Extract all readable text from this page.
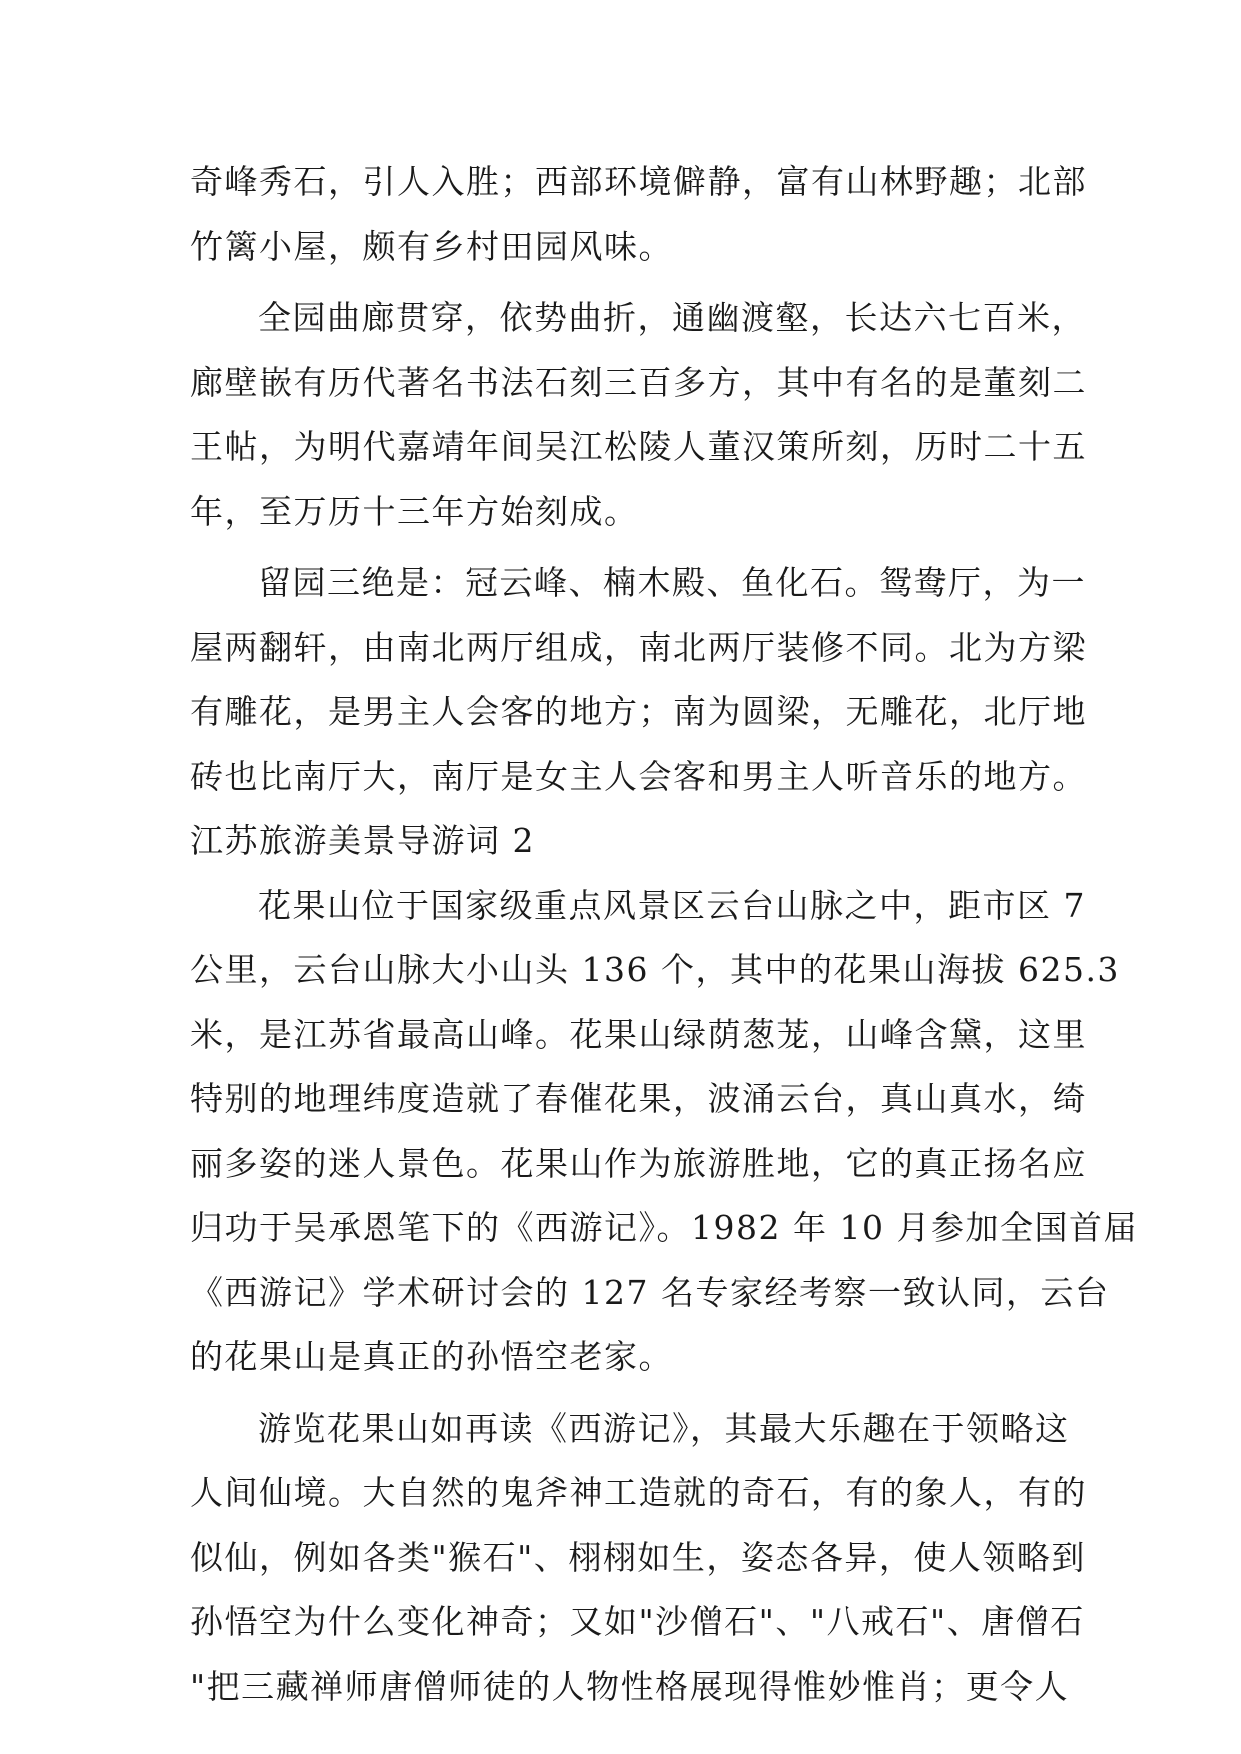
奇峰秀石，引人入胜；西部环境僻静，富有山林野趣；北部
竹篱小屋，颇有乡村田园风味。
全园曲廊贯穿，依势曲折，通幽渡壑，长达六七百米，
廊壁嵌有历代著名书法石刻三百多方，其中有名的是董刻二
王帖，为明代嘉靖年间吴江松陵人董汉策所刻，历时二十五
年，至万历十三年方始刻成。
留园三绝是：冠云峰、楠木殿、鱼化石。鸳鸯厅，为一
屋两翻轩，由南北两厅组成，南北两厅装修不同。北为方梁
有雕花，是男主人会客的地方；南为圆梁，无雕花，北厅地
砖也比南厅大，南厅是女主人会客和男主人听音乐的地方。
江苏旅游美景导游词 2
花果山位于国家级重点风景区云台山脉之中，距市区 7
公里，云台山脉大小山头 136 个，其中的花果山海拔 625.3
米，是江苏省最高山峰。花果山绿荫葱茏，山峰含黛，这里
特别的地理纬度造就了春催花果，波涌云台，真山真水，绮
丽多姿的迷人景色。花果山作为旅游胜地，它的真正扬名应
归功于吴承恩笔下的《西游记》。1982 年 10 月参加全国首届
《西游记》学术研讨会的 127 名专家经考察一致认同，云台
的花果山是真正的孙悟空老家。
游览花果山如再读《西游记》，其最大乐趣在于领略这
人间仙境。大自然的鬼斧神工造就的奇石，有的象人，有的
似仙，例如各类"猴石"、栩栩如生，姿态各异，使人领略到
孙悟空为什么变化神奇；又如"沙僧石"、"八戒石"、唐僧石
"把三藏禅师唐僧师徒的人物性格展现得惟妙惟肖；更令人
